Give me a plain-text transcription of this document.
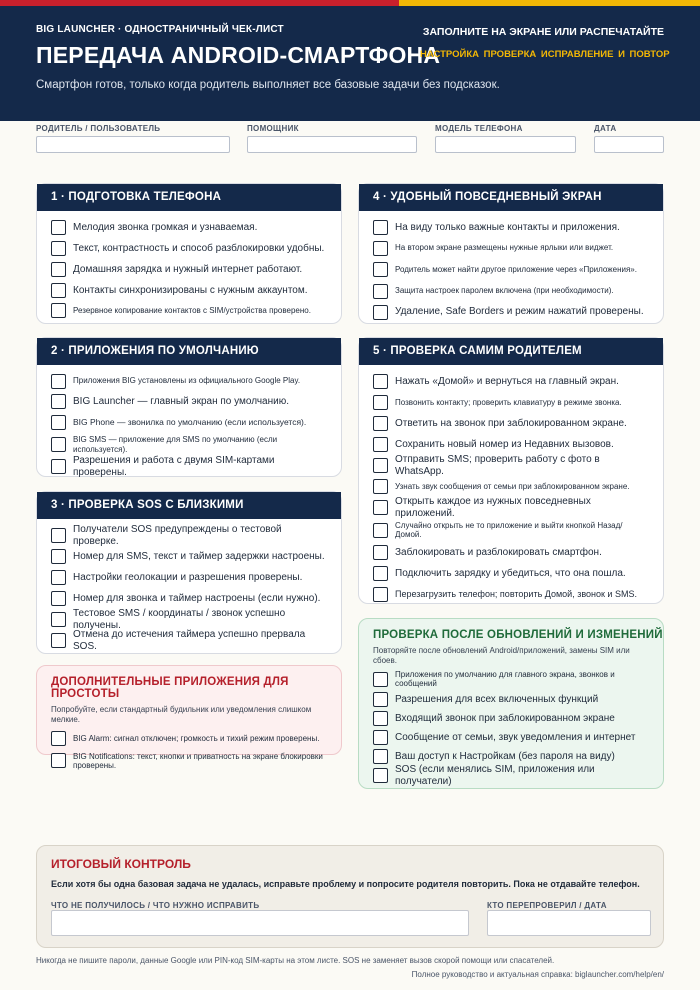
BIG LAUNCHER · ОДНОСТРАНИЧНЫЙ ЧЕК-ЛИСТ	ЗАПОЛНИТЕ НА ЭКРАНЕ ИЛИ РАСПЕЧАТАЙТЕ
ПЕРЕДАЧА ANDROID-СМАРТФОНА
НАСТРОЙКА ПРОВЕРКА ИСПРАВЛЕНИЕ И ПОВТОР
Смартфон готов, только когда родитель выполняет все базовые задачи без подсказок.
РОДИТЕЛЬ / ПОЛЬЗОВАТЕЛЬ	ПОМОЩНИК	МОДЕЛЬ ТЕЛЕФОНА	ДАТА
1 · ПОДГОТОВКА ТЕЛЕФОНА
Мелодия звонка громкая и узнаваемая.
Текст, контрастность и способ разблокировки удобны.
Домашняя зарядка и нужный интернет работают.
Контакты синхронизированы с нужным аккаунтом.
Резервное копирование контактов с SIM/устройства проверено.
2 · ПРИЛОЖЕНИЯ ПО УМОЛЧАНИЮ
Приложения BIG установлены из официального Google Play.
BIG Launcher — главный экран по умолчанию.
BIG Phone — звонилка по умолчанию (если используется).
BIG SMS — приложение для SMS по умолчанию (если используется).
Разрешения и работа с двумя SIM-картами проверены.
3 · ПРОВЕРКА SOS С БЛИЗКИМИ
Получатели SOS предупреждены о тестовой проверке.
Номер для SMS, текст и таймер задержки настроены.
Настройки геолокации и разрешения проверены.
Номер для звонка и таймер настроены (если нужно).
Тестовое SMS / координаты / звонок успешно получены.
Отмена до истечения таймера успешно прервала SOS.
ДОПОЛНИТЕЛЬНЫЕ ПРИЛОЖЕНИЯ ДЛЯ ПРОСТОТЫ
Попробуйте, если стандартный будильник или уведомления слишком мелкие.
BIG Alarm: сигнал отключен; громкость и тихий режим проверены.
BIG Notifications: текст, кнопки и приватность на экране блокировки проверены.
4 · УДОБНЫЙ ПОВСЕДНЕВНЫЙ ЭКРАН
На виду только важные контакты и приложения.
На втором экране размещены нужные ярлыки или виджет.
Родитель может найти другое приложение через «Приложения».
Защита настроек паролем включена (при необходимости).
Удаление, Safe Borders и режим нажатий проверены.
5 · ПРОВЕРКА САМИМ РОДИТЕЛЕМ
Нажать «Домой» и вернуться на главный экран.
Позвонить контакту; проверить клавиатуру в режиме звонка.
Ответить на звонок при заблокированном экране.
Сохранить новый номер из Недавних вызовов.
Отправить SMS; проверить работу с фото в WhatsApp.
Узнать звук сообщения от семьи при заблокированном экране.
Открыть каждое из нужных повседневных приложений.
Случайно открыть не то приложение и выйти кнопкой Назад/Домой.
Заблокировать и разблокировать смартфон.
Подключить зарядку и убедиться, что она пошла.
Перезагрузить телефон; повторить Домой, звонок и SMS.
ПРОВЕРКА ПОСЛЕ ОБНОВЛЕНИЙ И ИЗМЕНЕНИЙ
Повторяйте после обновлений Android/приложений, замены SIM или сбоев.
Приложения по умолчанию для главного экрана, звонков и сообщений
Разрешения для всех включенных функций
Входящий звонок при заблокированном экране
Сообщение от семьи, звук уведомления и интернет
Ваш доступ к Настройкам (без пароля на виду)
SOS (если менялись SIM, приложения или получатели)
ИТОГОВЫЙ КОНТРОЛЬ
Если хотя бы одна базовая задача не удалась, исправьте проблему и попросите родителя повторить. Пока не отдавайте телефон.
ЧТО НЕ ПОЛУЧИЛОСЬ / ЧТО НУЖНО ИСПРАВИТЬ	КТО ПЕРЕПРОВЕРИЛ / ДАТА
Никогда не пишите пароли, данные Google или PIN-код SIM-карты на этом листе. SOS не заменяет вызов скорой помощи или спасателей.
Полное руководство и актуальная справка: biglauncher.com/help/en/
